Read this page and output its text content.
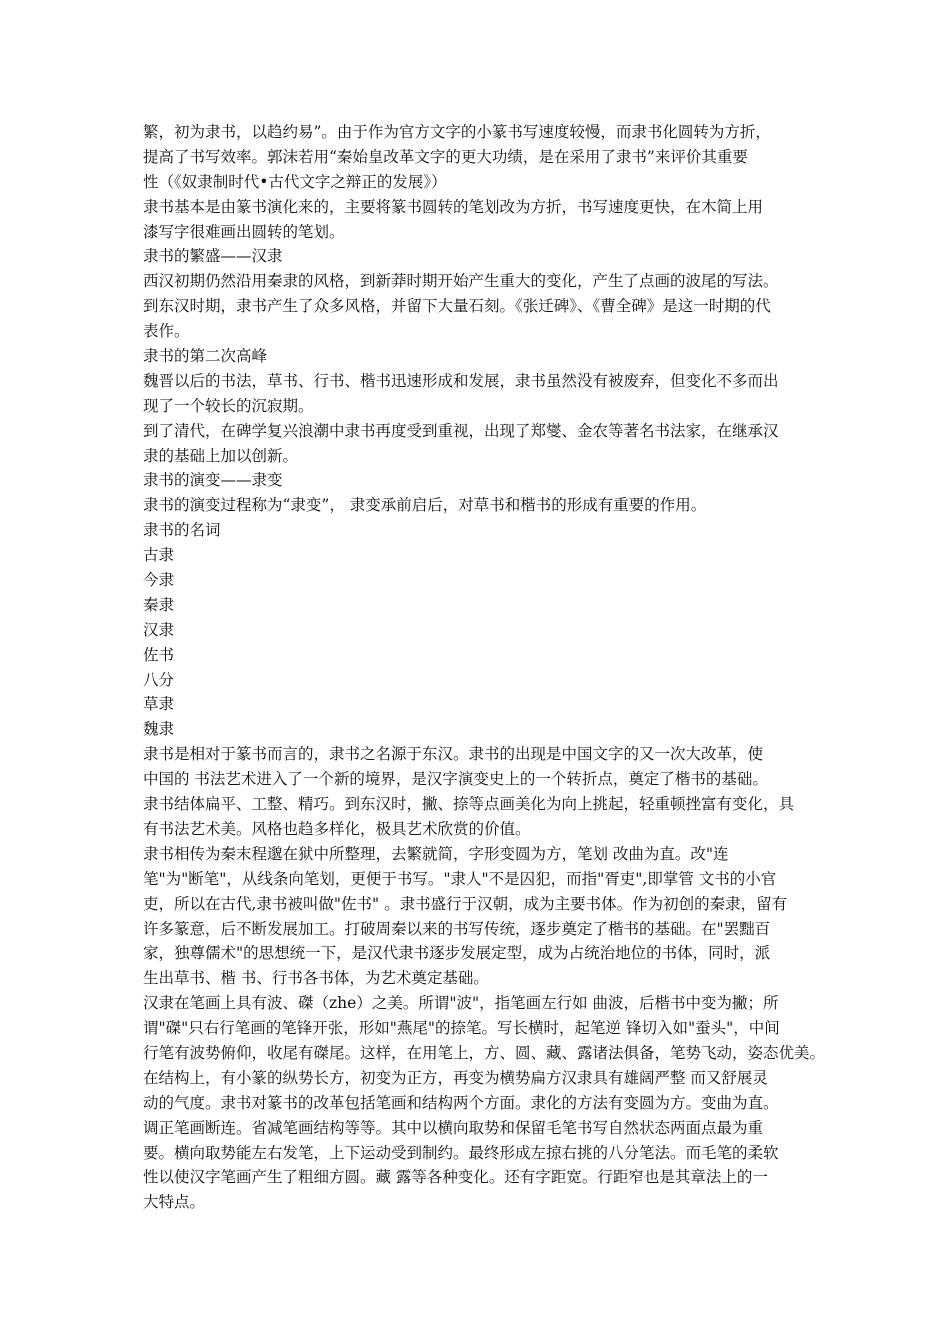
繁，初为隶书，以趋约易”。由于作为官方文字的小篆书写速度较慢，而隶书化圆转为方折，
提高了书写效率。郭沫若用“秦始皇改革文字的更大功绩，是在采用了隶书”来评价其重要
性（《奴隶制时代•古代文字之辩正的发展》）
隶书基本是由篆书演化来的，主要将篆书圆转的笔划改为方折，书写速度更快，在木简上用
漆写字很难画出圆转的笔划。
隶书的繁盛——汉隶
西汉初期仍然沿用秦隶的风格，到新莽时期开始产生重大的变化，产生了点画的波尾的写法。
到东汉时期，隶书产生了众多风格，并留下大量石刻。《张迁碑》、《曹全碑》是这一时期的代
表作。
隶书的第二次高峰
魏晋以后的书法，草书、行书、楷书迅速形成和发展，隶书虽然没有被废弃，但变化不多而出
现了一个较长的沉寂期。
到了清代，在碑学复兴浪潮中隶书再度受到重视，出现了郑燮、金农等著名书法家，在继承汉
隶的基础上加以创新。
隶书的演变——隶变
隶书的演变过程称为“隶变”， 隶变承前启后，对草书和楷书的形成有重要的作用。
隶书的名词
古隶
今隶
秦隶
汉隶
佐书
八分
草隶
魏隶
隶书是相对于篆书而言的，隶书之名源于东汉。隶书的出现是中国文字的又一次大改革，使
中国的 书法艺术进入了一个新的境界，是汉字演变史上的一个转折点，奠定了楷书的基础。
隶书结体扁平、工整、精巧。到东汉时，撇、捺等点画美化为向上挑起，轻重顿挫富有变化，具
有书法艺术美。风格也趋多样化，极具艺术欣赏的价值。
隶书相传为秦末程邈在狱中所整理，去繁就简，字形变圆为方，笔划 改曲为直。改"连
笔"为"断笔"，从线条向笔划，更便于书写。"隶人"不是囚犯，而指"胥吏",即掌管 文书的小官
吏，所以在古代,隶书被叫做"佐书" 。隶书盛行于汉朝，成为主要书体。作为初创的秦隶，留有
许多篆意，后不断发展加工。打破周秦以来的书写传统，逐步奠定了楷书的基础。在"罢黜百
家，独尊儒术"的思想统一下，是汉代隶书逐步发展定型，成为占统治地位的书体，同时，派
生出草书、楷 书、行书各书体，为艺术奠定基础。
汉隶在笔画上具有波、磔（zhe）之美。所谓"波"，指笔画左行如 曲波，后楷书中变为撇；所
谓"磔"只右行笔画的笔锋开张，形如"燕尾"的捺笔。写长横时，起笔逆 锋切入如"蚕头"，中间
行笔有波势俯仰，收尾有磔尾。这样，在用笔上，方、圆、藏、露诸法俱备，笔势飞动，姿态优美。
在结构上，有小篆的纵势长方，初变为正方，再变为横势扁方汉隶具有雄阔严整 而又舒展灵
动的气度。隶书对篆书的改革包括笔画和结构两个方面。隶化的方法有变圆为方。变曲为直。
调正笔画断连。省减笔画结构等等。其中以横向取势和保留毛笔书写自然状态两面点最为重
要。横向取势能左右发笔，上下运动受到制约。最终形成左掠右挑的八分笔法。而毛笔的柔软
性以使汉字笔画产生了粗细方圆。藏 露等各种变化。还有字距宽。行距窄也是其章法上的一
大特点。
